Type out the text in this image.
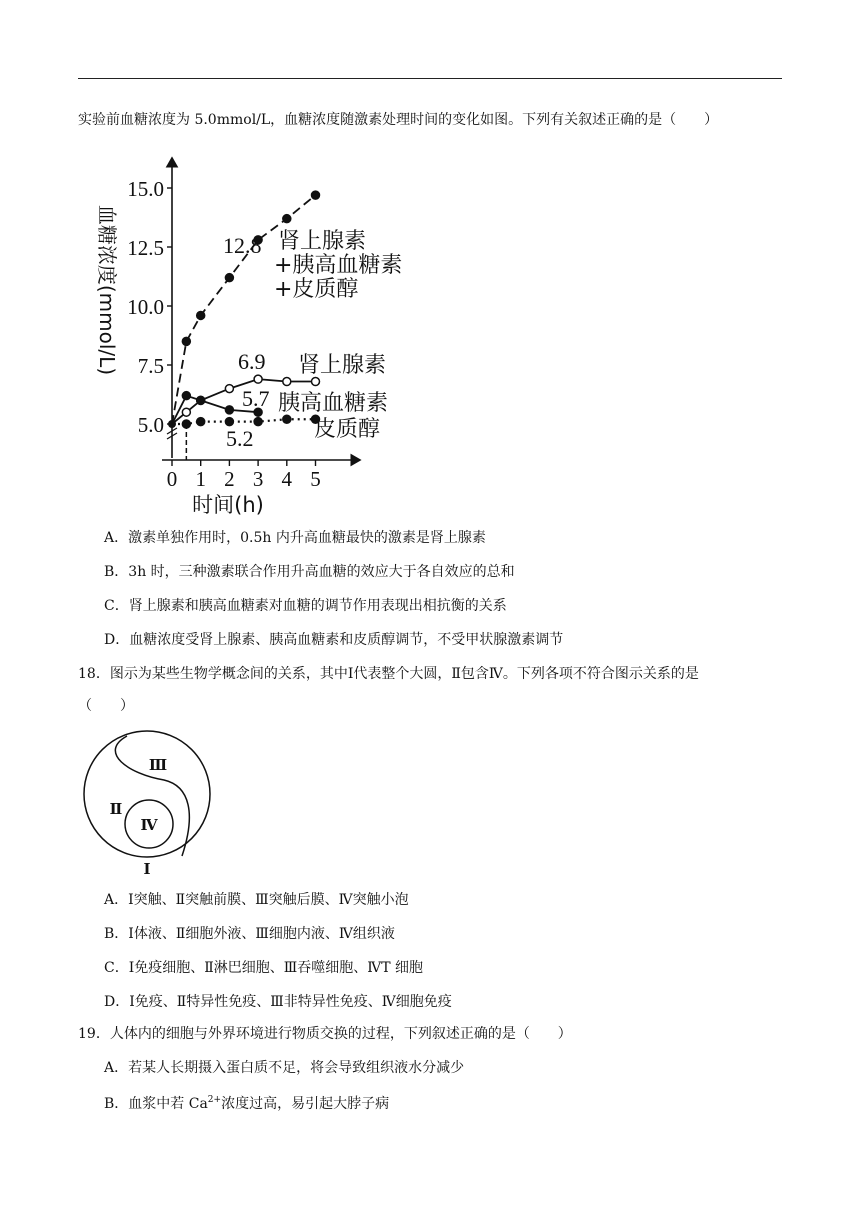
实验前血糖浓度为 5.0mmol/L，血糖浓度随激素处理时间的变化如图。下列有关叙述正确的是（　　）
5.0
7.5
10.0
12.5
15.0
0 1 2 3 4 5
时间(h)
血糖浓度(mmol/L)	肾上腺素
+胰高血糖素
+皮质醇
肾上腺素
胰高血糖素
皮质醇
12.8
6.9
5.7
5.2
A．激素单独作用时，0.5h 内升高血糖最快的激素是肾上腺素
B．3h 时，三种激素联合作用升高血糖的效应大于各自效应的总和
C．肾上腺素和胰高血糖素对血糖的调节作用表现出相抗衡的关系
D．血糖浓度受肾上腺素、胰高血糖素和皮质醇调节，不受甲状腺激素调节
18．图示为某些生物学概念间的关系，其中Ⅰ代表整个大圆，Ⅱ包含Ⅳ。下列各项不符合图示关系的是
（　　）
Ⅲ
Ⅱ
Ⅳ
Ⅰ
A．Ⅰ突触、Ⅱ突触前膜、Ⅲ突触后膜、Ⅳ突触小泡
B．Ⅰ体液、Ⅱ细胞外液、Ⅲ细胞内液、Ⅳ组织液
C．Ⅰ免疫细胞、Ⅱ淋巴细胞、Ⅲ吞噬细胞、ⅣT 细胞
D．Ⅰ免疫、Ⅱ特异性免疫、Ⅲ非特异性免疫、Ⅳ细胞免疫
19．人体内的细胞与外界环境进行物质交换的过程，下列叙述正确的是（　　）
A．若某人长期摄入蛋白质不足，将会导致组织液水分减少
B．血浆中若 $Ca^{2+}$浓度过高，易引起大脖子病
